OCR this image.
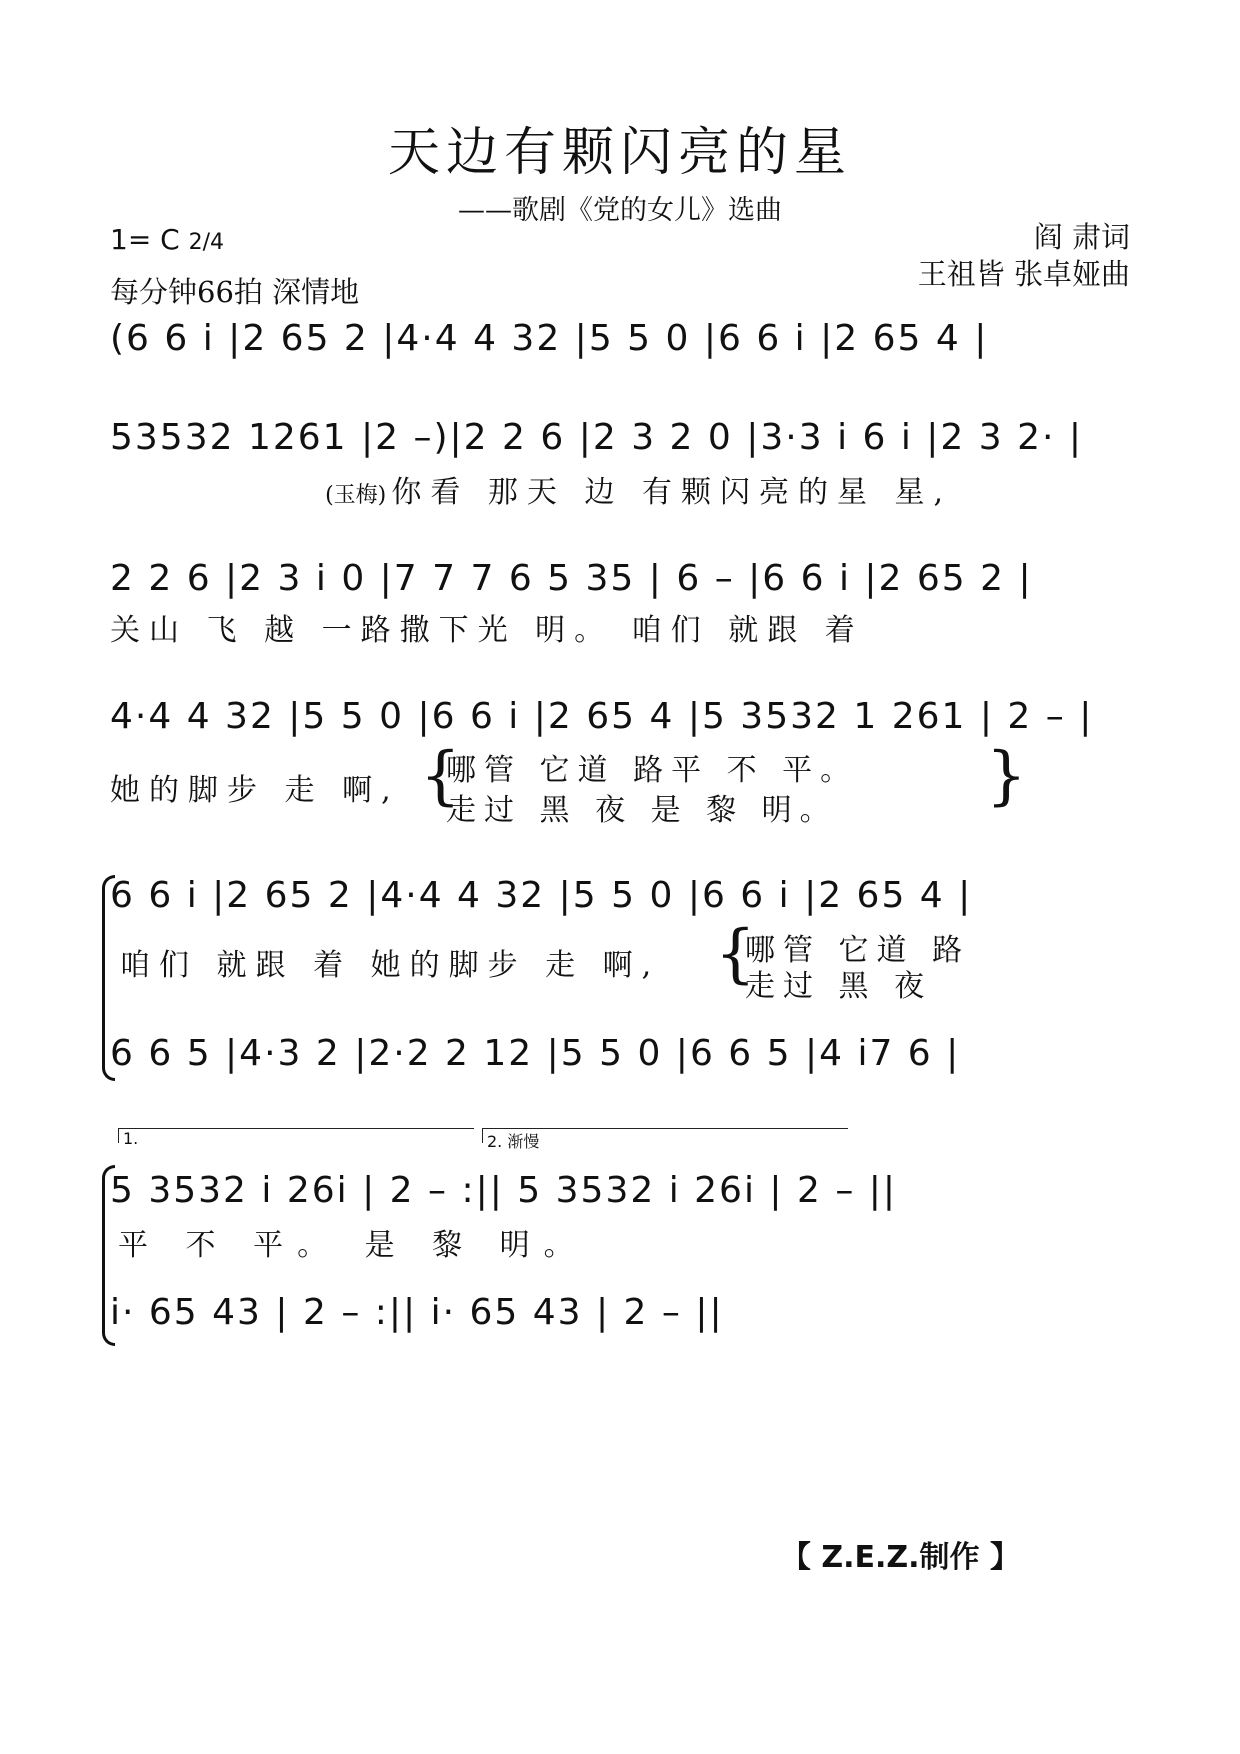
天边有颗闪亮的星
——歌剧《党的女儿》选曲
1= C 2/4
每分钟66拍 深情地
阎 肃词
王祖皆 张卓娅曲
(6 6 i |2 65 2 |4·4 4 32 |5 5 0 |6 6 i |2 65 4 |
53532 1261 |2 –)|2 2 6 |2 3 2 0 |3·3 i 6 i |2 3 2· |
(玉梅) 你看 那天 边 有颗闪亮的星 星,
2 2 6 |2 3 i 0 |7 7 7 6 5 35 | 6 – |6 6 i |2 65 2 |
关山 飞 越 一路撒下光 明。 咱们 就跟 着
4·4 4 32 |5 5 0 |6 6 i |2 65 4 |5 3532 1 261 | 2 – |
她的脚步 走 啊, {
哪管 它道 路平 不 平。
走过 黑 夜 是 黎 明。 }
6 6 i |2 65 2 |4·4 4 32 |5 5 0 |6 6 i |2 65 4 |
咱们 就跟 着 她的脚步 走 啊, {
哪管 它道 路
走过 黑 夜
6 6 5 |4·3 2 |2·2 2 12 |5 5 0 |6 6 5 |4 i7 6 |
1.	2. 渐慢
5 3532 i 26i | 2 – :|| 5 3532 i 26i | 2 – ||
平 不 平。 是 黎 明。
i· 65 43 | 2 – :|| i· 65 43 | 2 – ||
【 Z.E.Z.制作 】
